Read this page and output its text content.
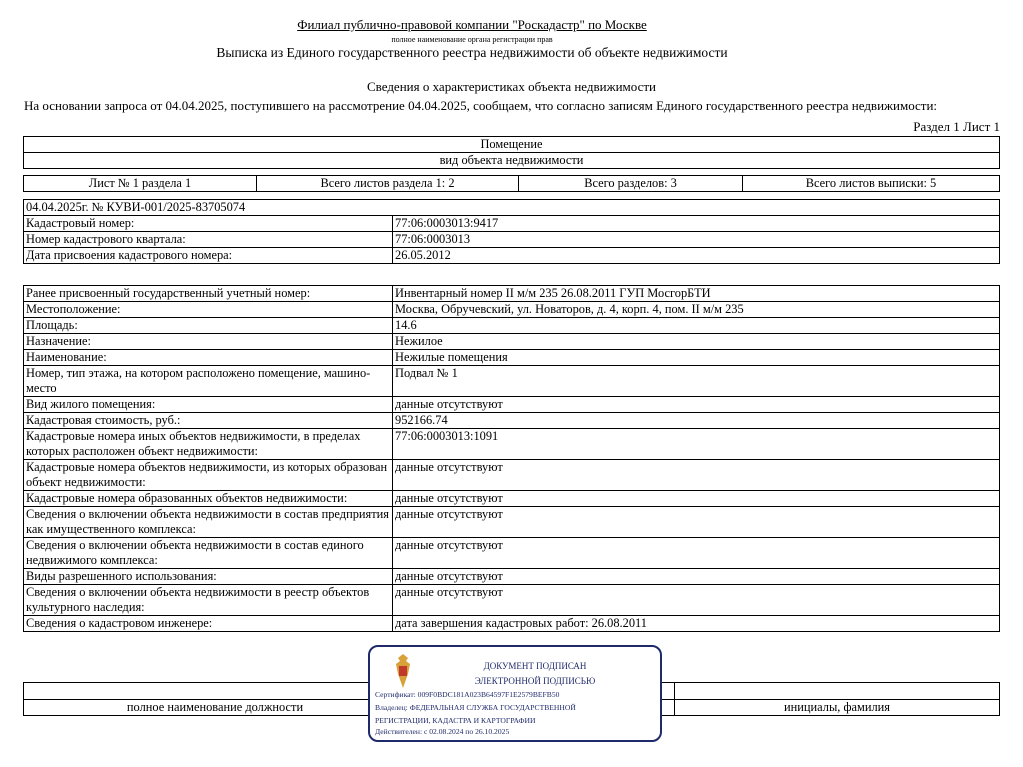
Филиал публично-правовой компании "Роскадастр" по Москве
полное наименование органа регистрации прав
Выписка из Единого государственного реестра недвижимости об объекте недвижимости
Сведения о характеристиках объекта недвижимости
На основании запроса от 04.04.2025, поступившего на рассмотрение 04.04.2025, сообщаем, что согласно записям Единого государственного реестра недвижимости:
Раздел 1 Лист 1
Помещение
вид объекта недвижимости
Лист № 1 раздела 1	Всего листов раздела 1: 2	Всего разделов: 3	Всего листов выписки: 5
04.04.2025г. № КУВИ-001/2025-83705074	
Кадастровый номер:	77:06:0003013:9417
Номер кадастрового квартала:	77:06:0003013
Дата присвоения кадастрового номера:	26.05.2012
Ранее присвоенный государственный учетный номер:	Инвентарный номер II м/м 235 26.08.2011 ГУП МосгорБТИ
Местоположение:	Москва, Обручевский, ул. Новаторов, д. 4, корп. 4, пом. II м/м 235
Площадь:	14.6
Назначение:	Нежилое
Наименование:	Нежилые помещения
Номер, тип этажа, на котором расположено помещение, машино-место	Подвал № 1
Вид жилого помещения:	данные отсутствуют
Кадастровая стоимость, руб.:	952166.74
Кадастровые номера иных объектов недвижимости, в пределах которых расположен объект недвижимости:	77:06:0003013:1091
Кадастровые номера объектов недвижимости, из которых образован объект недвижимости:	данные отсутствуют
Кадастровые номера образованных объектов недвижимости:	данные отсутствуют
Сведения о включении объекта недвижимости в состав предприятия как имущественного комплекса:	данные отсутствуют
Сведения о включении объекта недвижимости в состав единого недвижимого комплекса:	данные отсутствуют
Виды разрешенного использования:	данные отсутствуют
Сведения о включении объекта недвижимости в реестр объектов культурного наследия:	данные отсутствуют
Сведения о кадастровом инженере:	дата завершения кадастровых работ: 26.08.2011

полное наименование должности		инициалы, фамилия
ДОКУМЕНТ ПОДПИСАН
ЭЛЕКТРОННОЙ ПОДПИСЬЮ
Сертификат: 009F0BDC181A023B64597F1E2579BEFB50
Владелец: ФЕДЕРАЛЬНАЯ СЛУЖБА ГОСУДАРСТВЕННОЙ
РЕГИСТРАЦИИ, КАДАСТРА И КАРТОГРАФИИ
Действителен: с 02.08.2024 по 26.10.2025
